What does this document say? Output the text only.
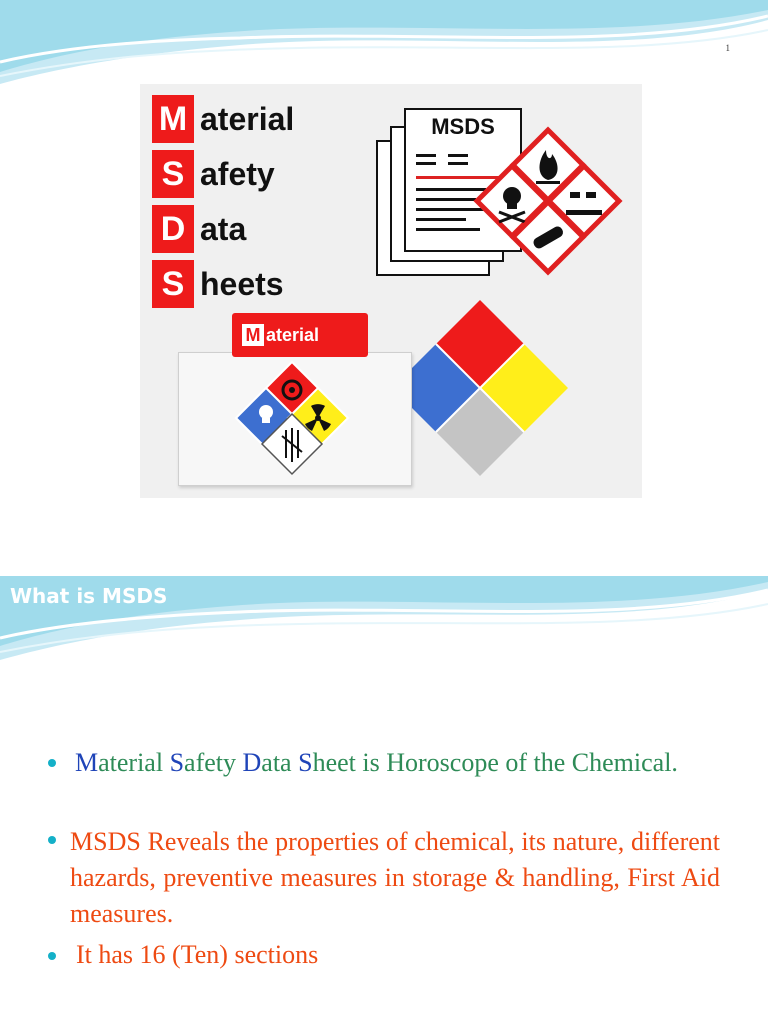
M aterial
S afety
D ata
S heets
MSDS
M aterial
1
What is MSDS
Material Safety Data Sheet is Horoscope of the Chemical.
MSDS Reveals the properties of chemical, its nature, different hazards, preventive measures in storage & handling, First Aid measures.
It has 16 (Ten) sections
